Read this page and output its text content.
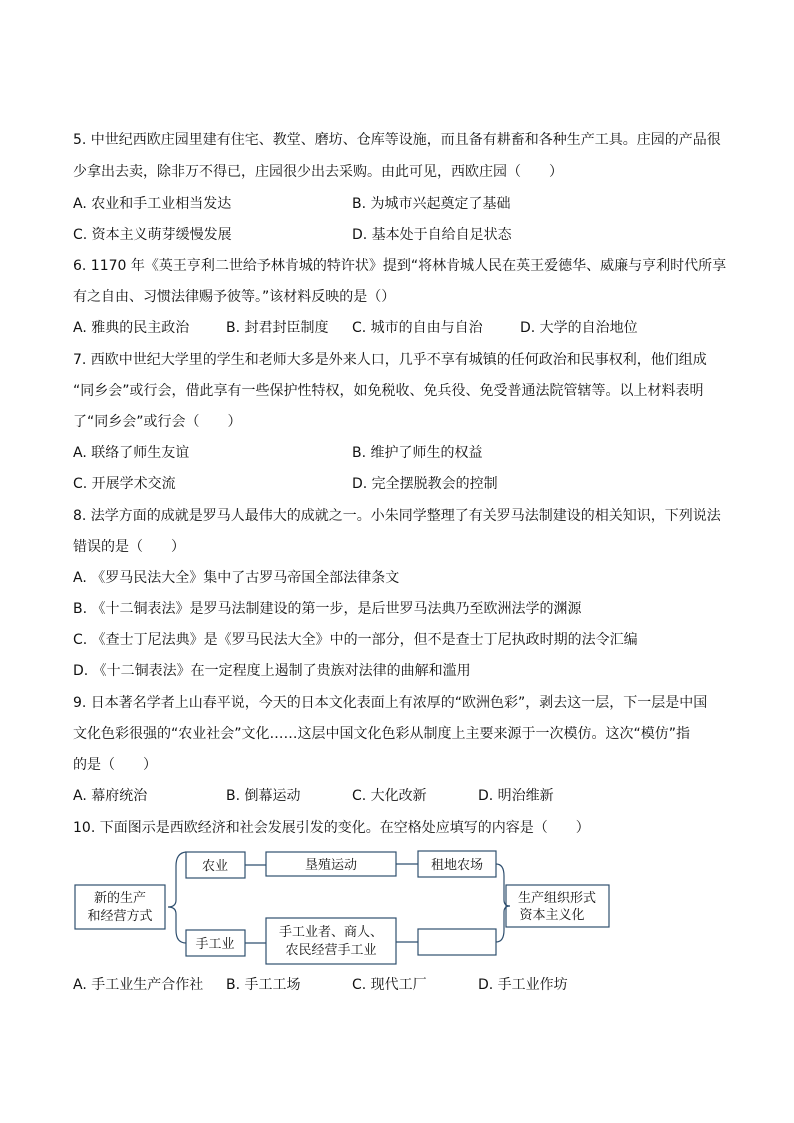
5. 中世纪西欧庄园里建有住宅、教堂、磨坊、仓库等设施，而且备有耕畜和各种生产工具。庄园的产品很
少拿出去卖，除非万不得已，庄园很少出去采购。由此可见，西欧庄园（　　）
A. 农业和手工业相当发达	B. 为城市兴起奠定了基础
C. 资本主义萌芽缓慢发展	D. 基本处于自给自足状态
6. 1170 年《英王亨利二世给予林肯城的特许状》提到“将林肯城人民在英王爱德华、威廉与亨利时代所享
有之自由、习惯法律赐予彼等。”该材料反映的是（）
A. 雅典的民主政治	B. 封君封臣制度 C. 城市的自由与自治	D. 大学的自治地位
7. 西欧中世纪大学里的学生和老师大多是外来人口，几乎不享有城镇的任何政治和民事权利，他们组成
“同乡会”或行会，借此享有一些保护性特权，如免税收、免兵役、免受普通法院管辖等。以上材料表明
了“同乡会”或行会（　　）
A. 联络了师生友谊	B. 维护了师生的权益
C. 开展学术交流	D. 完全摆脱教会的控制
8. 法学方面的成就是罗马人最伟大的成就之一。小朱同学整理了有关罗马法制建设的相关知识，下列说法
错误的是（　　）
A. 《罗马民法大全》集中了古罗马帝国全部法律条文
B. 《十二铜表法》是罗马法制建设的第一步，是后世罗马法典乃至欧洲法学的渊源
C. 《查士丁尼法典》是《罗马民法大全》中的一部分，但不是查士丁尼执政时期的法令汇编
D. 《十二铜表法》在一定程度上遏制了贵族对法律的曲解和滥用
9. 日本著名学者上山春平说，今天的日本文化表面上有浓厚的“欧洲色彩”，剥去这一层，下一层是中国
文化色彩很强的“农业社会”文化……这层中国文化色彩从制度上主要来源于一次模仿。这次“模仿”指
的是（　　）
A. 幕府统治	B. 倒幕运动	C. 大化改新	D. 明治维新
10. 下面图示是西欧经济和社会发展引发的变化。在空格处应填写的内容是（　　）
新的生产
和经营方式
农业	垦殖运动	租地农场
手工业
手工业者、商人、
农民经营手工业
生产组织形式
资本主义化
A. 手工业生产合作社 B. 手工工场	C. 现代工厂	D. 手工业作坊
